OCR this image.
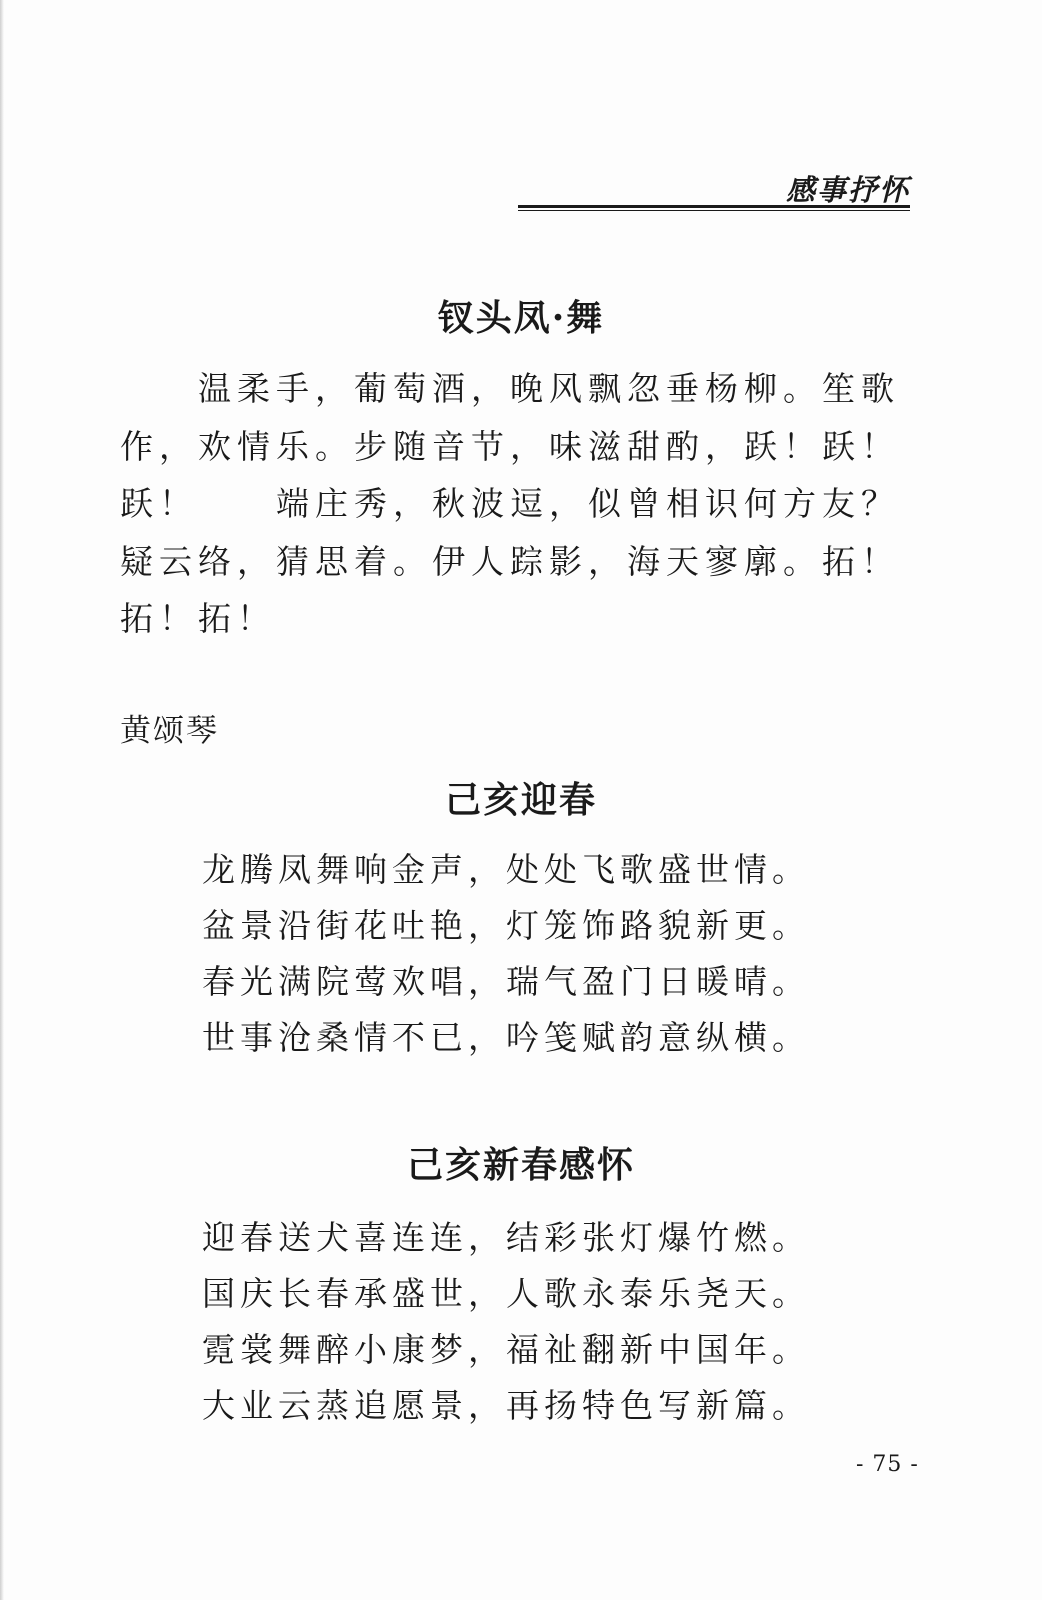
感事抒怀
钗头凤·舞
　　温柔手，葡萄酒，晚风飘忽垂杨柳。笙歌
作，欢情乐。步随音节，味滋甜酌，跃！跃！
跃！　　端庄秀，秋波逗，似曾相识何方友？
疑云络，猜思着。伊人踪影，海天寥廓。拓！
拓！拓！
黄颂琴
己亥迎春
龙腾凤舞响金声，处处飞歌盛世情。
盆景沿街花吐艳，灯笼饰路貌新更。
春光满院莺欢唱，瑞气盈门日暖晴。
世事沧桑情不已，吟笺赋韵意纵横。
己亥新春感怀
迎春送犬喜连连，结彩张灯爆竹燃。
国庆长春承盛世，人歌永泰乐尧天。
霓裳舞醉小康梦，福祉翻新中国年。
大业云蒸追愿景，再扬特色写新篇。
- 75 -
